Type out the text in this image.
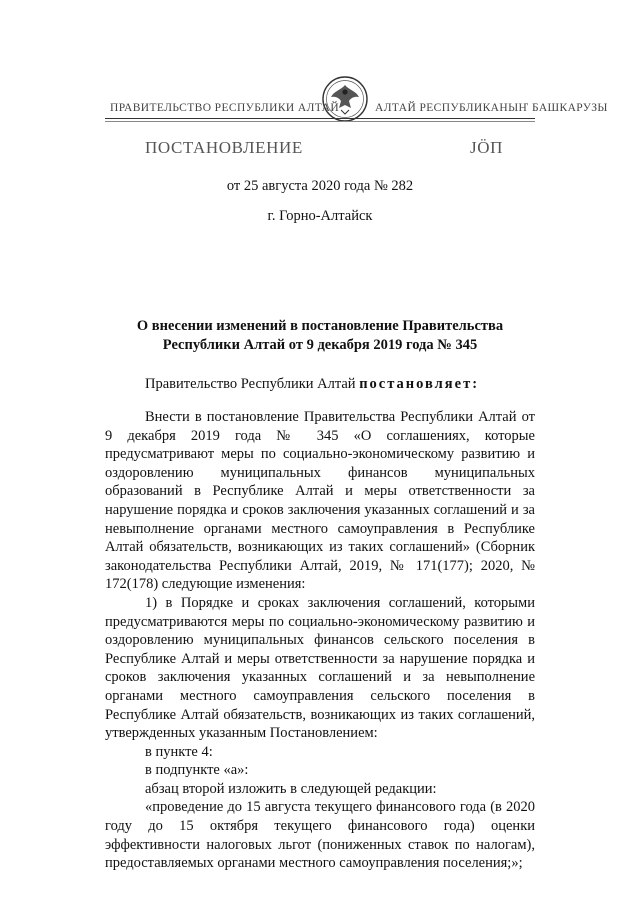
ПРАВИТЕЛЬСТВО РЕСПУБЛИКИ АЛТАЙ	АЛТАЙ РЕСПУБЛИКАНЫҤ БАШКАРУЗЫ
ПОСТАНОВЛЕНИЕ	JӦП
от 25 августа 2020 года № 282
г. Горно-Алтайск
О внесении изменений в постановление Правительства Республики Алтай от 9 декабря 2019 года № 345
Правительство Республики Алтай постановляет:

Внести в постановление Правительства Республики Алтай от 9 декабря 2019 года № 345 «О соглашениях, которые предусматривают меры по социально-экономическому развитию и оздоровлению муниципальных финансов муниципальных образований в Республике Алтай и меры ответственности за нарушение порядка и сроков заключения указанных соглашений и за невыполнение органами местного самоуправления в Республике Алтай обязательств, возникающих из таких соглашений» (Сборник законодательства Республики Алтай, 2019, № 171(177); 2020, № 172(178) следующие изменения:

1) в Порядке и сроках заключения соглашений, которыми предусматриваются меры по социально-экономическому развитию и оздоровлению муниципальных финансов сельского поселения в Республике Алтай и меры ответственности за нарушение порядка и сроков заключения указанных соглашений и за невыполнение органами местного самоуправления сельского поселения в Республике Алтай обязательств, возникающих из таких соглашений, утвержденных указанным Постановлением:

в пункте 4:

в подпункте «а»:

абзац второй изложить в следующей редакции:

«проведение до 15 августа текущего финансового года (в 2020 году до 15 октября текущего финансового года) оценки эффективности налоговых льгот (пониженных ставок по налогам), предоставляемых органами местного самоуправления поселения;»;
